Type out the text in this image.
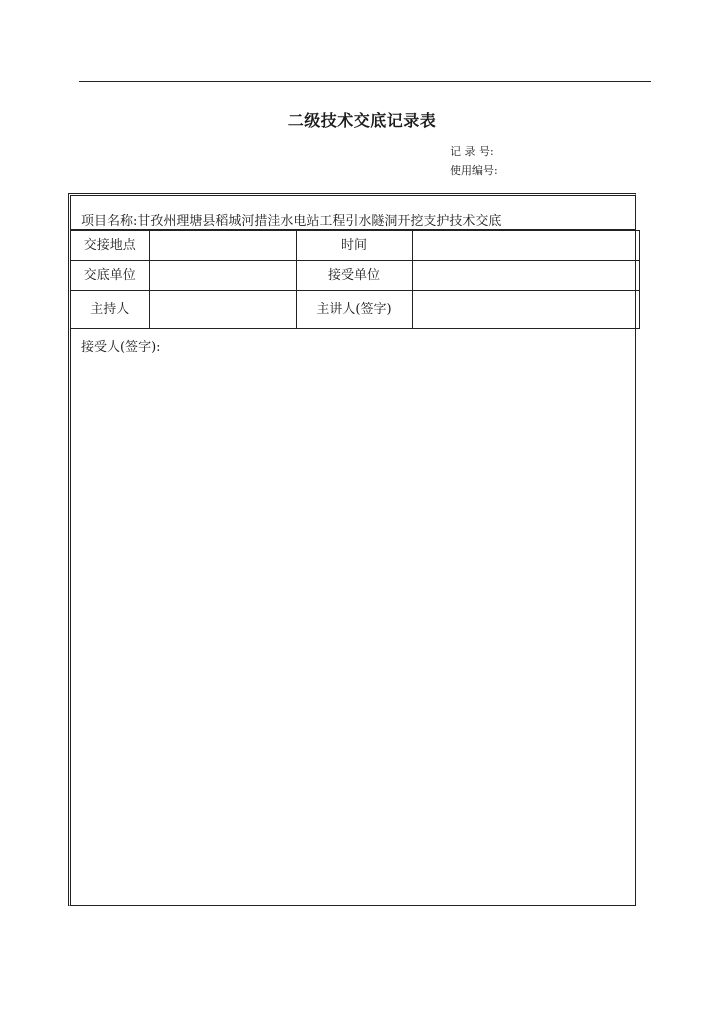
二级技术交底记录表
记 录 号:
使用编号:
项目名称:甘孜州理塘县稻城河措洼水电站工程引水隧洞开挖支护技术交底
交接地点		时间	
交底单位		接受单位	
主持人		主讲人(签字)	
接受人(签字):
